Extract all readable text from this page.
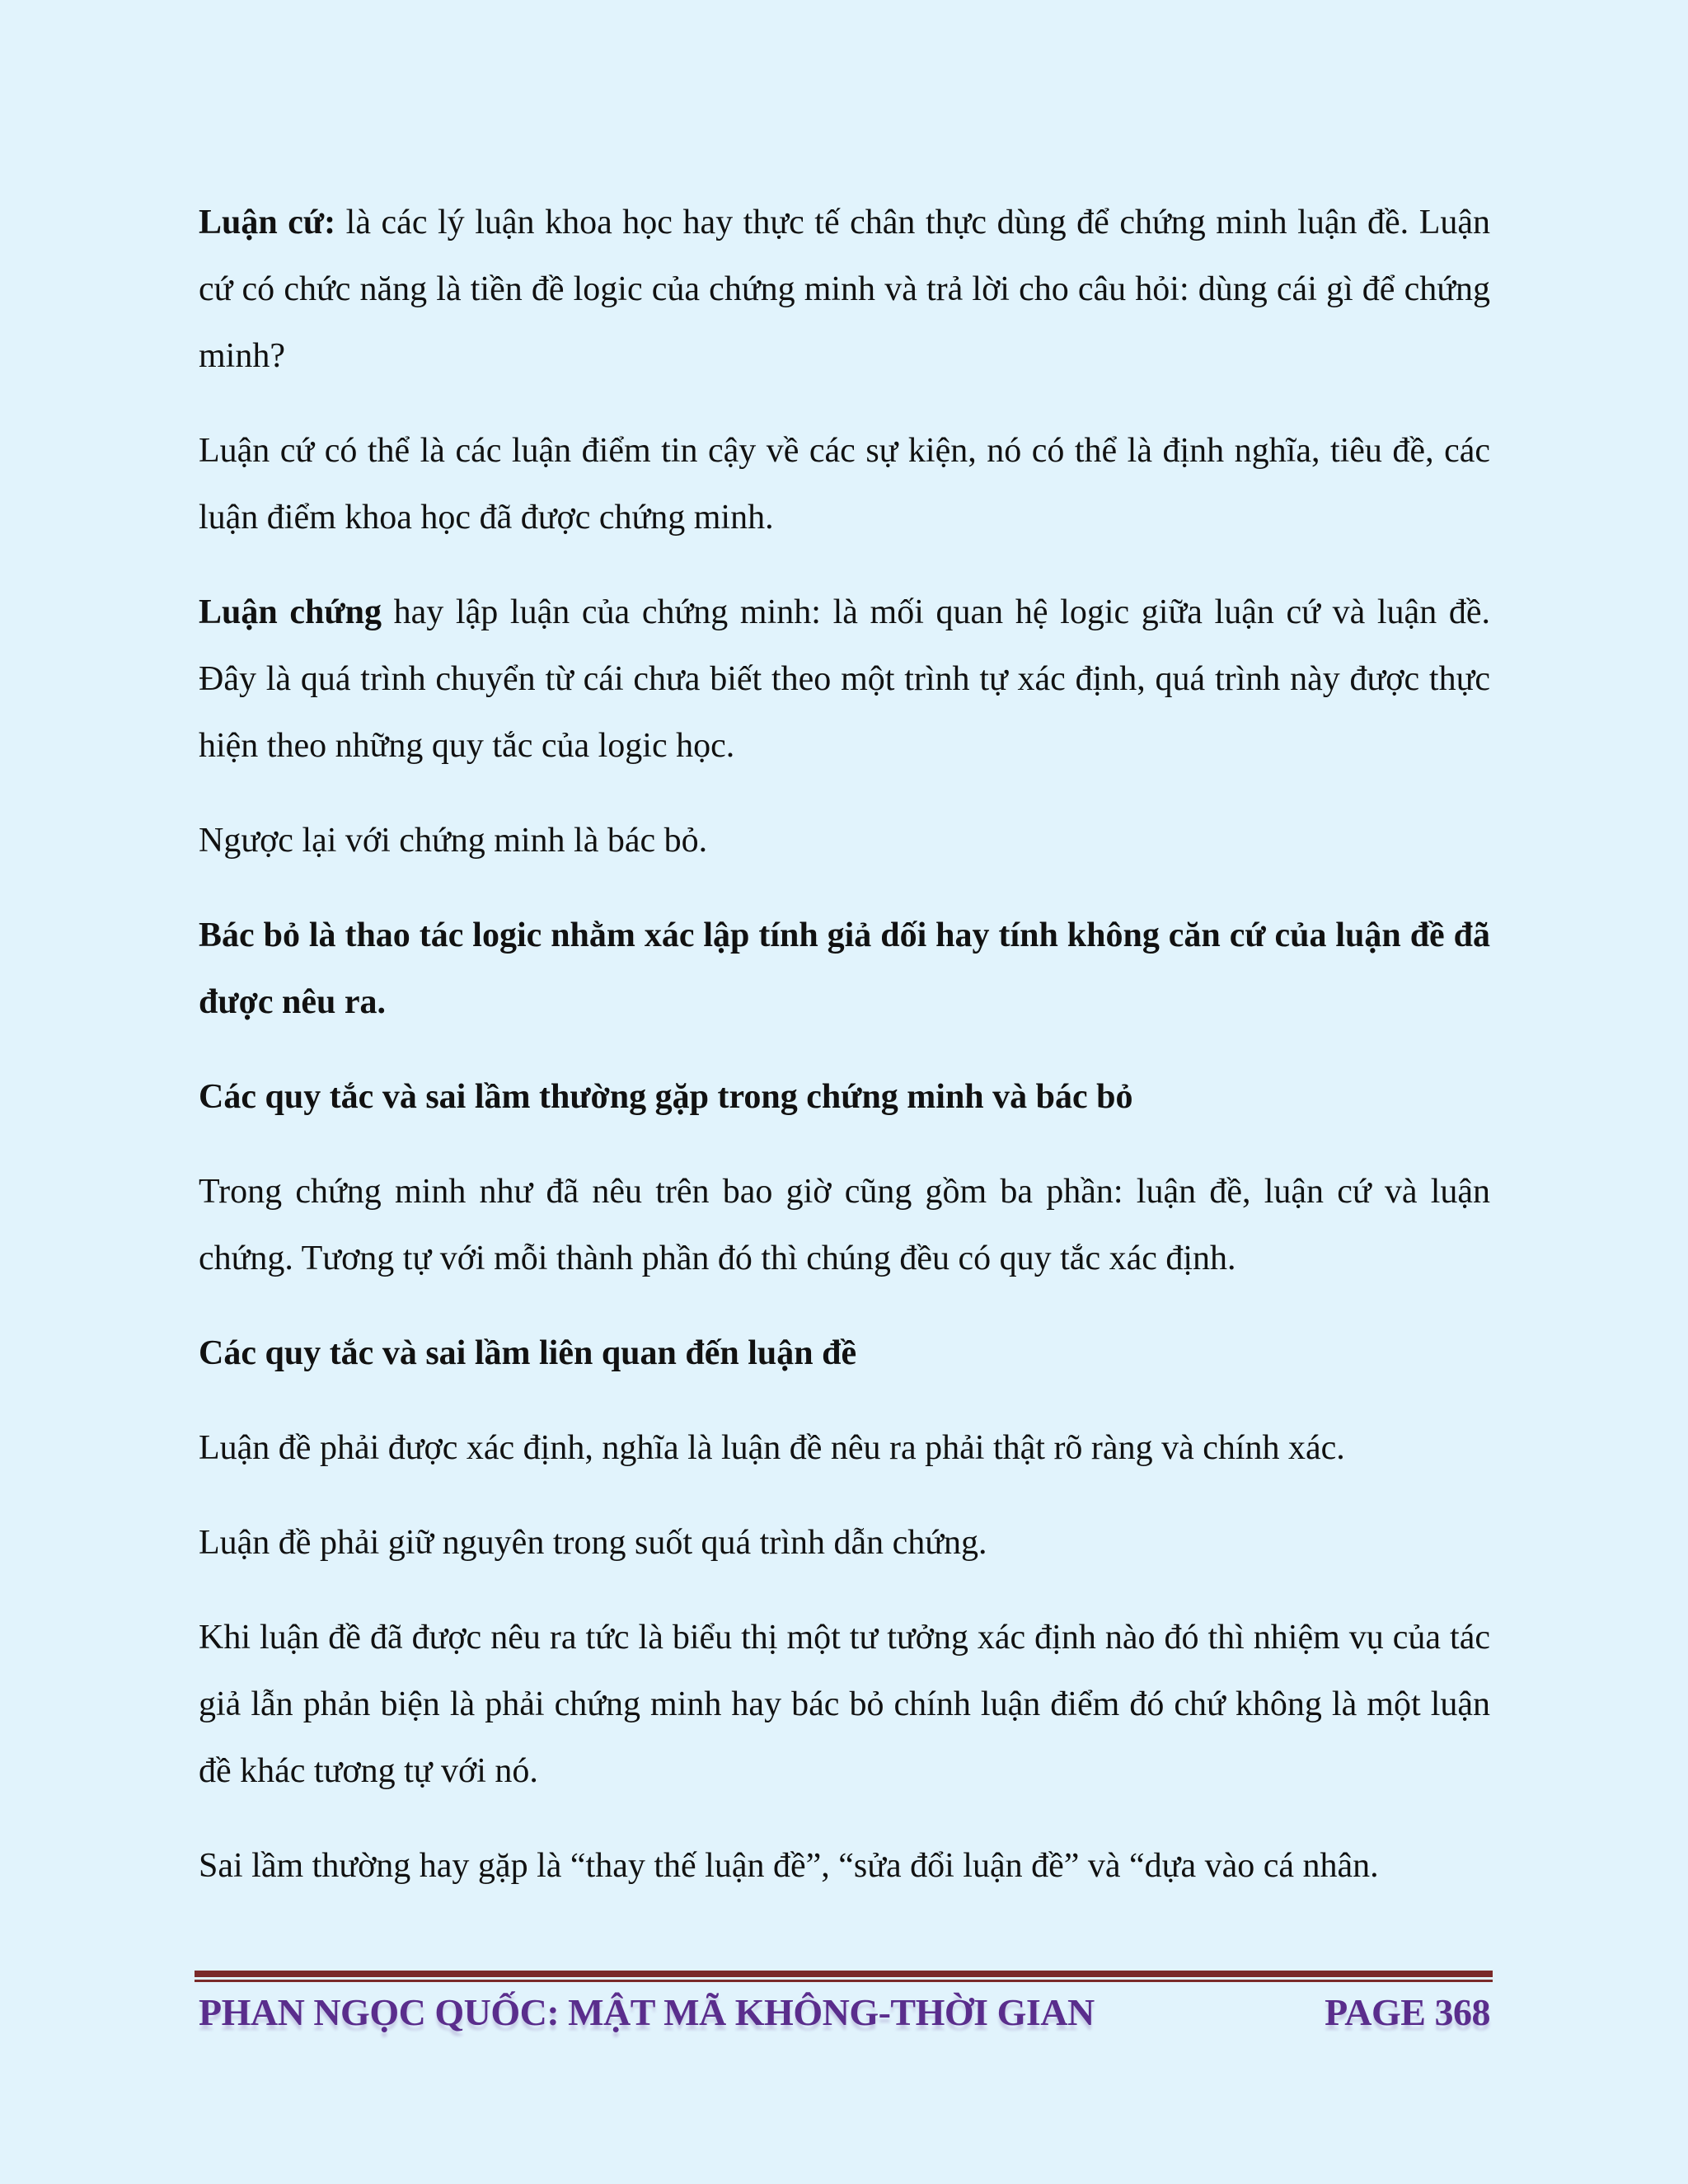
Luận cứ: là các lý luận khoa học hay thực tế chân thực dùng để chứng minh luận đề. Luận cứ có chức năng là tiền đề logic của chứng minh và trả lời cho câu hỏi: dùng cái gì để chứng minh?

Luận cứ có thể là các luận điểm tin cậy về các sự kiện, nó có thể là định nghĩa, tiêu đề, các luận điểm khoa học đã được chứng minh.

Luận chứng hay lập luận của chứng minh: là mối quan hệ logic giữa luận cứ và luận đề. Đây là quá trình chuyển từ cái chưa biết theo một trình tự xác định, quá trình này được thực hiện theo những quy tắc của logic học.

Ngược lại với chứng minh là bác bỏ.

Bác bỏ là thao tác logic nhằm xác lập tính giả dối hay tính không căn cứ của luận đề đã được nêu ra.

Các quy tắc và sai lầm thường gặp trong chứng minh và bác bỏ

Trong chứng minh như đã nêu trên bao giờ cũng gồm ba phần: luận đề, luận cứ và luận chứng. Tương tự với mỗi thành phần đó thì chúng đều có quy tắc xác định.

Các quy tắc và sai lầm liên quan đến luận đề

Luận đề phải được xác định, nghĩa là luận đề nêu ra phải thật rõ ràng và chính xác.

Luận đề phải giữ nguyên trong suốt quá trình dẫn chứng.

Khi luận đề đã được nêu ra tức là biểu thị một tư tưởng xác định nào đó thì nhiệm vụ của tác giả lẫn phản biện là phải chứng minh hay bác bỏ chính luận điểm đó chứ không là một luận đề khác tương tự với nó.

Sai lầm thường hay gặp là “thay thế luận đề”, “sửa đổi luận đề” và “dựa vào cá nhân.

PHAN NGỌC QUỐC: MẬT MÃ KHÔNG-THỜI GIAN	PAGE 368
